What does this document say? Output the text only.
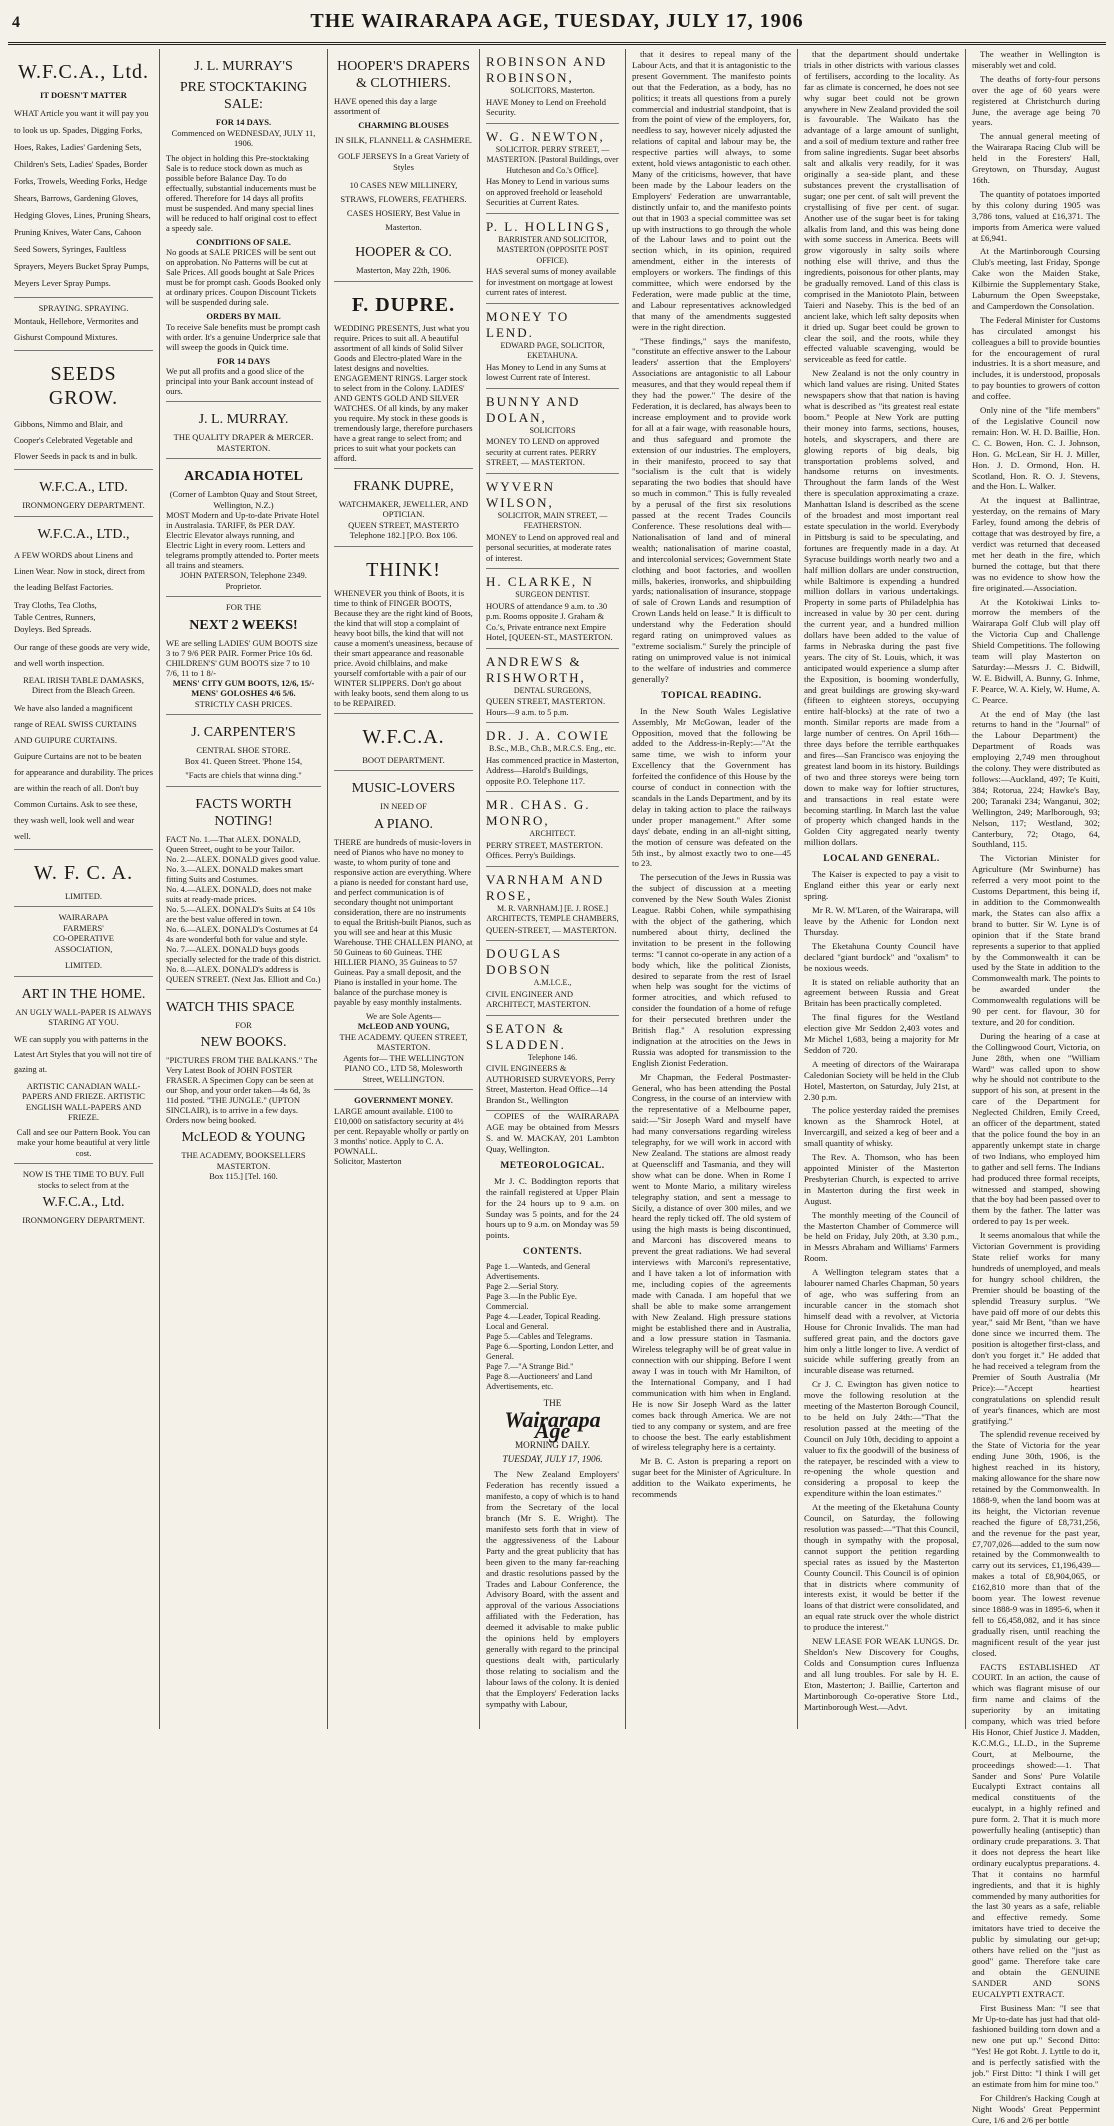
4	THE WAIRARAPA AGE, TUESDAY, JULY 17, 1906
W.F.C.A., Ltd.
IT DOESN'T MATTER
WHAT Article you want it will pay you to look us up. Spades, Digging Forks, Hoes, Rakes, Ladies' Gardening Sets, Children's Sets, Ladies' Spades, Border Forks, Trowels, Weeding Forks, Hedge Shears, Barrows, Gardening Gloves, Hedging Gloves, Lines, Pruning Shears, Pruning Knives, Water Cans, Cahoon Seed Sowers, Syringes, Faultless Sprayers, Meyers Bucket Spray Pumps, Meyers Lever Spray Pumps.
SPRAYING. SPRAYING.
Montauk, Hellebore, Vermorites and Gishurst Compound Mixtures.
SEEDS GROW.
Gibbons, Nimmo and Blair, and Cooper's Celebrated Vegetable and Flower Seeds in pack ts and in bulk.
W.F.C.A., LTD.
IRONMONGERY DEPARTMENT.
W.F.C.A., LTD.,
A FEW WORDS about Linens and Linen Wear. Now in stock, direct from the leading Belfast Factories.
Tray Cloths, Tea Cloths,
Table Centres, Runners,
Doyleys. Bed Spreads.
Our range of these goods are very wide, and well worth inspection.
REAL IRISH TABLE DAMASKS, Direct from the Bleach Green.
We have also landed a magnificent range of REAL SWISS CURTAINS AND GUIPURE CURTAINS.
Guipure Curtains are not to be beaten for appearance and durability. The prices are within the reach of all. Don't buy Common Curtains. Ask to see these, they wash well, look well and wear well.
W. F. C. A.
LIMITED.
WAIRARAPA
FARMERS'
CO-OPERATIVE
ASSOCIATION,
LIMITED.
ART IN THE HOME.
AN UGLY WALL-PAPER IS ALWAYS STARING AT YOU.
WE can supply you with patterns in the Latest Art Styles that you will not tire of gazing at.
ARTISTIC CANADIAN WALL-PAPERS AND FRIEZE. ARTISTIC ENGLISH WALL-PAPERS AND FRIEZE.
Call and see our Pattern Book. You can make your home beautiful at very little cost.
NOW IS THE TIME TO BUY. Full stocks to select from at the
W.F.C.A., Ltd.
IRONMONGERY DEPARTMENT.
J. L. MURRAY'S
PRE STOCKTAKING SALE:
FOR 14 DAYS.
Commenced on WEDNESDAY, JULY 11, 1906.
The object in holding this Pre-stocktaking Sale is to reduce stock down as much as possible before Balance Day. To do effectually, substantial inducements must be offered. Therefore for 14 days all profits must be suspended. And many special lines will be reduced to half original cost to effect a speedy sale.
CONDITIONS OF SALE.
No goods at SALE PRICES will be sent out on approbation. No Patterns will be cut at Sale Prices. All goods bought at Sale Prices must be for prompt cash. Goods Booked only at ordinary prices. Coupon Discount Tickets will be suspended during sale.
ORDERS BY MAIL
To receive Sale benefits must be prompt cash with order. It's a genuine Underprice sale that will sweep the goods in Quick time.
FOR 14 DAYS
We put all profits and a good slice of the principal into your Bank account instead of ours.
J. L. MURRAY.
THE QUALITY DRAPER & MERCER. MASTERTON.
ARCADIA HOTEL
(Corner of Lambton Quay and Stout Street, Wellington, N.Z.)
MOST Modern and Up-to-date Private Hotel in Australasia. TARIFF, 8s PER DAY. Electric Elevator always running, and Electric Light in every room. Letters and telegrams promptly attended to. Porter meets all trains and steamers.
JOHN PATERSON, Telephone 2349. Proprietor.
FOR THE
NEXT 2 WEEKS!
WE are selling LADIES' GUM BOOTS size 3 to 7 9/6 PER PAIR. Former Price 10s 6d. CHILDREN'S' GUM BOOTS size 7 to 10 7/6, 11 to 1 8/-
MENS' CITY GUM BOOTS, 12/6, 15/-
MENS' GOLOSHES 4/6 5/6.
STRICTLY CASH PRICES.
J. CARPENTER'S
CENTRAL SHOE STORE.
Box 41. Queen Street. 'Phone 154,
"Facts are chiels that winna ding."
FACTS WORTH NOTING!
FACT No. 1.—That ALEX. DONALD, Queen Street, ought to be your Tailor.
No. 2.—ALEX. DONALD gives good value.
No. 3.—ALEX. DONALD makes smart fitting Suits and Costumes.
No. 4.—ALEX. DONALD, does not make suits at ready-made prices.
No. 5.—ALEX. DONALD's Suits at £4 10s are the best value offered in town.
No. 6.—ALEX. DONALD's Costumes at £4 4s are wonderful both for value and style.
No. 7.—ALEX. DONALD buys goods specially selected for the trade of this district.
No. 8.—ALEX. DONALD's address is QUEEN STREET. (Next Jas. Elliott and Co.)
WATCH THIS SPACE
FOR
NEW BOOKS.
"PICTURES FROM THE BALKANS." The Very Latest Book of JOHN FOSTER FRASER. A Specimen Copy can be seen at our Shop, and your order taken—4s 6d, 3s 11d posted. "THE JUNGLE." (UPTON SINCLAIR), is to arrive in a few days. Orders now being booked.
McLEOD & YOUNG
THE ACADEMY, BOOKSELLERS MASTERTON.
Box 115.] [Tel. 160.
HOOPER'S DRAPERS & CLOTHIERS.
HAVE opened this day a large assortment of
CHARMING BLOUSES
IN SILK, FLANNELL & CASHMERE.
GOLF JERSEYS In a Great Variety of Styles
10 CASES NEW MILLINERY, STRAWS, FLOWERS, FEATHERS. CASES HOSIERY, Best Value in Masterton.
HOOPER & CO.
Masterton, May 22th, 1906.
F. DUPRE.
WEDDING PRESENTS, Just what you require. Prices to suit all. A beautiful assortment of all kinds of Solid Silver Goods and Electro-plated Ware in the latest designs and novelties. ENGAGEMENT RINGS. Larger stock to select from in the Colony. LADIES' AND GENTS GOLD AND SILVER WATCHES. Of all kinds, by any maker you require. My stock in these goods is tremendously large, therefore purchasers have a great range to select from; and prices to suit what your pockets can afford.
FRANK DUPRE,
WATCHMAKER, JEWELLER, AND OPTICIAN.
QUEEN STREET, MASTERTO
Telephone 182.] [P.O. Box 106.
THINK!
WHENEVER you think of Boots, it is time to think of FINGER BOOTS, Because they are the right kind of Boots, the kind that will stop a complaint of heavy boot bills, the kind that will not cause a moment's uneasiness, because of their smart appearance and reasonable price. Avoid chilblains, and make yourself comfortable with a pair of our WINTER SLIPPERS. Don't go about with leaky boots, send them along to us to be REPAIRED.
W.F.C.A.
BOOT DEPARTMENT.
MUSIC-LOVERS
IN NEED OF
A PIANO.
THERE are hundreds of music-lovers in need of Pianos who have no money to waste, to whom purity of tone and responsive action are everything. Where a piano is needed for constant hard use, and perfect communication is of secondary thought not unimportant consideration, there are no instruments to equal the British-built Pianos, such as you will see and hear at this Music Warehouse. THE CHALLEN PIANO, at 50 Guineas to 60 Guineas. THE HILLIER PIANO, 35 Guineas to 57 Guineas. Pay a small deposit, and the Piano is installed in your home. The balance of the purchase money is payable by easy monthly instalments.
We are Sole Agents—
McLEOD AND YOUNG,
THE ACADEMY. QUEEN STREET, MASTERTON.
Agents for— THE WELLINGTON PIANO CO., LTD 58, Molesworth Street, WELLINGTON.
GOVERNMENT MONEY.
LARGE amount available. £100 to £10,000 on satisfactory security at 4½ per cent. Repayable wholly or partly on 3 months' notice. Apply to C. A. POWNALL.
Solicitor, Masterton
ROBINSON AND ROBINSON,
SOLICITORS, Masterton.
HAVE Money to Lend on Freehold Security.
W. G. NEWTON,
SOLICITOR. PERRY STREET, — MASTERTON. [Pastoral Buildings, over Hutcheson and Co.'s Office].
Has Money to Lend in various sums on approved freehold or leasehold Securities at Current Rates.
P. L. HOLLINGS,
BARRISTER AND SOLICITOR, MASTERTON (OPPOSITE POST OFFICE).
HAS several sums of money available for investment on mortgage at lowest current rates of interest.
MONEY TO LEND.
EDWARD PAGE, SOLICITOR, EKETAHUNA.
Has Money to Lend in any Sums at lowest Current rate of Interest.
BUNNY AND DOLAN,
SOLICITORS
MONEY TO LEND on approved security at current rates. PERRY STREET, — MASTERTON.
WYVERN WILSON,
SOLICITOR, MAIN STREET, — FEATHERSTON.
MONEY to Lend on approved real and personal securities, at moderate rates of interest.
H. CLARKE, N
SURGEON DENTIST.
HOURS of attendance 9 a.m. to .30 p.m. Rooms opposite J. Graham & Co.'s, Private entrance next Empire Hotel, [QUEEN-ST., MASTERTON.
ANDREWS & RISHWORTH,
DENTAL SURGEONS,
QUEEN STREET, MASTERTON. Hours—9 a.m. to 5 p.m.
DR. J. A. COWIE
B.Sc., M.B., Ch.B., M.R.C.S. Eng., etc.
Has commenced practice in Masterton, Address—Harold's Buildings, opposite P.O. Telephone 117.
MR. CHAS. G. MONRO,
ARCHITECT.
PERRY STREET, MASTERTON. Offices. Perry's Buildings.
VARNHAM AND ROSE,
M. R. VARNHAM.] [E. J. ROSE.] ARCHITECTS, TEMPLE CHAMBERS,
QUEEN-STREET, — MASTERTON.
DOUGLAS DOBSON
A.M.I.C.E.,
CIVIL ENGINEER AND ARCHITECT, MASTERTON.
SEATON & SLADDEN.
Telephone 146.
CIVIL ENGINEERS & AUTHORISED SURVEYORS, Perry Street, Masterton. Head Office—14 Brandon St., Wellington

COPIES of the WAIRARAPA AGE may be obtained from Messrs S. and W. MACKAY, 201 Lambton Quay, Wellington.

METEOROLOGICAL.

Mr J. C. Boddington reports that the rainfall registered at Upper Plain for the 24 hours up to 9 a.m. on Sunday was 5 points, and for the 24 hours up to 9 a.m. on Monday was 59 points.

CONTENTS.
Page 1.—Wanteds, and General Advertisements.
Page 2.—Serial Story.
Page 3.—In the Public Eye. Commercial.
Page 4.—Leader, Topical Reading. Local and General.
Page 5.—Cables and Telegrams.
Page 6.—Sporting, London Letter, and General.
Page 7.—"A Strange Bid."
Page 8.—Auctioneers' and Land Advertisements, etc.
THE
Wairarapa Age
MORNING DAILY.
TUESDAY, JULY 17, 1906.

The New Zealand Employers' Federation has recently issued a manifesto, a copy of which is to hand from the Secretary of the local branch (Mr S. E. Wright). The manifesto sets forth that in view of the aggressiveness of the Labour Party and the great publicity that has been given to the many far-reaching and drastic resolutions passed by the Trades and Labour Conference, the Advisory Board, with the assent and approval of the various Associations affiliated with the Federation, has deemed it advisable to make public the opinions held by employers generally with regard to the principal questions dealt with, particularly those relating to socialism and the labour laws of the colony. It is denied that the Employers' Federation lacks sympathy with Labour,

that it desires to repeal many of the Labour Acts, and that it is antagonistic to the present Government. The manifesto points out that the Federation, as a body, has no politics; it treats all questions from a purely commercial and industrial standpoint, that is from the point of view of the employers, for, needless to say, however nicely adjusted the relations of capital and labour may be, the respective parties will always, to some extent, hold views antagonistic to each other. Many of the criticisms, however, that have been made by the Labour leaders on the Employers' Federation are unwarrantable, distinctly unfair to, and the manifesto points out that in 1903 a special committee was set up with instructions to go through the whole of the Labour laws and to point out the section which, in its opinion, required amendment, either in the interests of employers or workers. The findings of this committee, which were endorsed by the Federation, were made public at the time, and Labour representatives acknowledged that many of the amendments suggested were in the right direction.

"These findings," says the manifesto, "constitute an effective answer to the Labour leaders' assertion that the Employers' Associations are antagonistic to all Labour measures, and that they would repeal them if they had the power." The desire of the Federation, it is declared, has always been to increase employment and to provide work for all at a fair wage, with reasonable hours, and thus safeguard and promote the extension of our industries. The employers, in their manifesto, proceed to say that "socialism is the cult that is widely separating the two bodies that should have so much in common." This is fully revealed by a perusal of the first six resolutions passed at the recent Trades Councils Conference. These resolutions deal with—Nationalisation of land and of mineral wealth; nationalisation of marine coastal, and intercolonial services; Government State clothing and boot factories, and woollen mills, bakeries, ironworks, and shipbuilding yards; nationalisation of insurance, stoppage of sale of Crown Lands and resumption of Crown Lands held on lease." It is difficult to understand why the Federation should regard rating on unimproved values as "extreme socialism." Surely the principle of rating on unimproved value is not inimical to the welfare of industries and commerce generally?

TOPICAL READING.

In the New South Wales Legislative Assembly, Mr McGowan, leader of the Opposition, moved that the following be added to the Address-in-Reply:—"At the same time, we wish to inform your Excellency that the Government has forfeited the confidence of this House by the course of conduct in connection with the scandals in the Lands Department, and by its delay in taking action to place the railways under proper management." After some days' debate, ending in an all-night sitting, the motion of censure was defeated on the 5th inst., by almost exactly two to one—45 to 23.

The persecution of the Jews in Russia was the subject of discussion at a meeting convened by the New South Wales Zionist League. Rabbi Cohen, while sympathising with the object of the gathering, which numbered about thirty, declined the invitation to be present in the following terms: "I cannot co-operate in any action of a body which, like the political Zionists, desired to separate from the rest of Israel when help was sought for the victims of former atrocities, and which refused to consider the foundation of a home of refuge for their persecuted brethren under the British flag." A resolution expressing indignation at the atrocities on the Jews in Russia was adopted for transmission to the English Zionist Federation.

Mr Chapman, the Federal Postmaster-General, who has been attending the Postal Congress, in the course of an interview with the representative of a Melbourne paper, said:—"Sir Joseph Ward and myself have had many conversations regarding wireless telegraphy, for we will work in accord with New Zealand. The stations are almost ready at Queenscliff and Tasmania, and they will show what can be done. When in Rome I went to Monte Mario, a military wireless telegraphy station, and sent a message to Sicily, a distance of over 300 miles, and we heard the reply ticked off. The old system of using the high masts is being discontinued, and Marconi has discovered means to prevent the great radiations. We had several interviews with Marconi's representative, and I have taken a lot of information with me, including copies of the agreements made with Canada. I am hopeful that we shall be able to make some arrangement with New Zealand. High pressure stations might be established there and in Australia, and a low pressure station in Tasmania. Wireless telegraphy will be of great value in connection with our shipping. Before I went away I was in touch with Mr Hamilton, of the International Company, and I had communication with him when in England. He is now Sir Joseph Ward as the latter comes back through America. We are not tied to any company or system, and are free to choose the best. The early establishment of wireless telegraphy here is a certainty.

Mr B. C. Aston is preparing a report on sugar beet for the Minister of Agriculture. In addition to the Waikato experiments, he recommends

that the department should undertake trials in other districts with various classes of fertilisers, according to the locality. As far as climate is concerned, he does not see why sugar beet could not be grown anywhere in New Zealand provided the soil is favourable. The Waikato has the advantage of a large amount of sunlight, and a soil of medium texture and rather free from saline ingredients. Sugar beet absorbs salt and alkalis very readily, for it was originally a sea-side plant, and these substances prevent the crystallisation of sugar; one per cent. of salt will prevent the crystallising of five per cent. of sugar. Another use of the sugar beet is for taking alkalis from land, and this was being done with some success in America. Beets will grow vigorously in salty soils where nothing else will thrive, and thus the ingredients, poisonous for other plants, may be gradually removed. Land of this class is comprised in the Maniototo Plain, between Taieri and Naseby. This is the bed of an ancient lake, which left salty deposits when it dried up. Sugar beet could be grown to clear the soil, and the roots, while they effected valuable scavenging, would be serviceable as feed for cattle.

New Zealand is not the only country in which land values are rising. United States newspapers show that that nation is having what is described as "its greatest real estate boom." People at New York are putting their money into farms, sections, houses, hotels, and skyscrapers, and there are glowing reports of big deals, big transportation problems solved, and handsome returns on investments. Throughout the farm lands of the West there is speculation approximating a craze. Manhattan Island is described as the scene of the broadest and most important real estate speculation in the world. Everybody in Pittsburg is said to be speculating, and fortunes are frequently made in a day. At Syracuse buildings worth nearly two and a half million dollars are under construction, while Baltimore is expending a hundred million dollars in various undertakings. Property in some parts of Philadelphia has increased in value by 30 per cent. during the current year, and a hundred million dollars have been added to the value of farms in Nebraska during the past five years. The city of St. Louis, which, it was anticipated would experience a slump after the Exposition, is booming wonderfully, and great buildings are growing sky-ward (fifteen to eighteen storeys, occupying entire half-blocks) at the rate of two a month. Similar reports are made from a large number of centres. On April 16th—three days before the terrible earthquakes and fires—San Francisco was enjoying the greatest land boom in its history. Buildings of two and three storeys were being torn down to make way for loftier structures, and transactions in real estate were becoming startling. In March last the value of property which changed hands in the Golden City aggregated nearly twenty million dollars.

LOCAL AND GENERAL.

The Kaiser is expected to pay a visit to England either this year or early next spring.

Mr R. W. M'Laren, of the Wairarapa, will leave by the Athenic for London next Thursday.

The Eketahuna County Council have declared "giant burdock" and "oxalism" to be noxious weeds.

It is stated on reliable authority that an agreement between Russia and Great Britain has been practically completed.

The final figures for the Westland election give Mr Seddon 2,403 votes and Mr Michel 1,683, being a majority for Mr Seddon of 720.

A meeting of directors of the Wairarapa Caledonian Society will be held in the Club Hotel, Masterton, on Saturday, July 21st, at 2.30 p.m.

The police yesterday raided the premises known as the Shamrock Hotel, at Invercargill, and seized a keg of beer and a small quantity of whisky.

The Rev. A. Thomson, who has been appointed Minister of the Masterton Presbyterian Church, is expected to arrive in Masterton during the first week in August.

The monthly meeting of the Council of the Masterton Chamber of Commerce will be held on Friday, July 20th, at 3.30 p.m., in Messrs Abraham and Williams' Farmers Room.

A Wellington telegram states that a labourer named Charles Chapman, 50 years of age, who was suffering from an incurable cancer in the stomach shot himself dead with a revolver, at Victoria House for Chronic Invalids. The man had suffered great pain, and the doctors gave him only a little longer to live. A verdict of suicide while suffering greatly from an incurable disease was returned.

Cr J. C. Ewington has given notice to move the following resolution at the meeting of the Masterton Borough Council, to be held on July 24th:—"That the resolution passed at the meeting of the Council on July 10th, deciding to appoint a valuer to fix the goodwill of the business of the ratepayer, be rescinded with a view to re-opening the whole question and considering a proposal to keep the expenditure within the loan estimates."

At the meeting of the Eketahuna County Council, on Saturday, the following resolution was passed:—"That this Council, though in sympathy with the proposal, cannot support the petition regarding special rates as issued by the Masterton County Council. This Council is of opinion that in districts where community of interests exist, it would be better if the loans of that district were consolidated, and an equal rate struck over the whole district to produce the interest."

NEW LEASE FOR WEAK LUNGS. Dr. Sheldon's New Discovery for Coughs, Colds and Consumption cures Influenza and all lung troubles. For sale by H. E. Eton, Masterton; J. Baillie, Carterton and Martinborough Co-operative Store Ltd., Martinborough West.—Advt.

The weather in Wellington is miserably wet and cold.

The deaths of forty-four persons over the age of 60 years were registered at Christchurch during June, the average age being 70 years.

The annual general meeting of the Wairarapa Racing Club will be held in the Foresters' Hall, Greytown, on Thursday, August 16th.

The quantity of potatoes imported by this colony during 1905 was 3,786 tons, valued at £16,371. The imports from America were valued at £6,941.

At the Martinborough Coursing Club's meeting, last Friday, Sponge Cake won the Maiden Stake, Kilbirnie the Supplementary Stake, Laburnum the Open Sweepstake, and Camperdown the Consolation.

The Federal Minister for Customs has circulated amongst his colleagues a bill to provide bounties for the encouragement of rural industries. It is a short measure, and includes, it is understood, proposals to pay bounties to growers of cotton and coffee.

Only nine of the "life members" of the Legislative Council now remain: Hon. W. H. D. Baillie, Hon. C. C. Bowen, Hon. C. J. Johnson, Hon. G. McLean, Sir H. J. Miller, Hon. J. D. Ormond, Hon. H. Scotland, Hon. R. O. J. Stevens, and the Hon. L. Walker.

At the inquest at Ballintrae, yesterday, on the remains of Mary Farley, found among the debris of cottage that was destroyed by fire, a verdict was returned that deceased met her death in the fire, which burned the cottage, but that there was no evidence to show how the fire originated.—Association.

At the Kotokiwai Links to-morrow the members of the Wairarapa Golf Club will play off the Victoria Cup and Challenge Shield Competitions. The following team will play Masterton on Saturday:—Messrs J. C. Bidwill, W. E. Bidwill, A. Bunny, G. Inhme, F. Pearce, W. A. Kiely, W. Hume, A. C. Pearce.

At the end of May (the last returns to hand in the "Journal" of the Labour Department) the Department of Roads was employing 2,749 men throughout the colony. They were distributed as follows:—Auckland, 497; Te Kuiti, 384; Rotorua, 224; Hawke's Bay, 200; Taranaki 234; Wanganui, 302; Wellington, 249; Marlborough, 93; Nelson, 117; Westland, 302; Canterbury, 72; Otago, 64, Southland, 115.

The Victorian Minister for Agriculture (Mr Swinburne) has referred a very moot point to the Customs Department, this being if, in addition to the Commonwealth mark, the States can also affix a brand to butter. Sir W. Lyne is of opinion that if the State brand represents a superior to that applied by the Commonwealth it can be used by the State in addition to the Commonwealth mark. The points to be awarded under the Commonwealth regulations will be 90 per cent. for flavour, 30 for texture, and 20 for condition.

During the hearing of a case at the Collingwood Court, Victoria, on June 28th, when one "William Ward" was called upon to show why he should not contribute to the support of his son, at present in the care of the Department for Neglected Children, Emily Creed, an officer of the department, stated that the police found the boy in an apparently unkempt state in charge of two Indians, who employed him to gather and sell ferns. The Indians had produced three formal receipts, witnessed and stamped, showing that the boy had been passed over to them by the father. The latter was ordered to pay 1s per week.

It seems anomalous that while the Victorian Government is providing State relief works for many hundreds of unemployed, and meals for hungry school children, the Premier should be boasting of the splendid Treasury surplus. "We have paid off more of our debts this year," said Mr Bent, "than we have done since we incurred them. The position is altogether first-class, and don't you forget it." He added that he had received a telegram from the Premier of South Australia (Mr Price):—"Accept heartiest congratulations on splendid result of year's finances, which are most gratifying."

The splendid revenue received by the State of Victoria for the year ending June 30th, 1906, is the highest reached in its history, making allowance for the share now retained by the Commonwealth. In 1888-9, when the land boom was at its height, the Victorian revenue reached the figure of £8,731,256, and the revenue for the past year, £7,707,026—added to the sum now retained by the Commonwealth to carry out its services, £1,196,439—makes a total of £8,904,065, or £162,810 more than that of the boom year. The lowest revenue since 1888-9 was in 1895-6, when it fell to £6,458,082, and it has since gradually risen, until reaching the magnificent result of the year just closed.

FACTS ESTABLISHED AT COURT. In an action, the cause of which was flagrant misuse of our firm name and claims of the superiority by an imitating company, which was tried before His Honor, Chief Justice J. Madden, K.C.M.G., LL.D., in the Supreme Court, at Melbourne, the proceedings showed:—1. That Sander and Sons' Pure Volatile Eucalypti Extract contains all medical constituents of the eucalypt, in a highly refined and pure form. 2. That it is much more powerfully healing (antiseptic) than ordinary crude preparations. 3. That it does not depress the heart like ordinary eucalyptus preparations. 4. That it contains no harmful ingredients, and that it is highly commended by many authorities for the last 30 years as a safe, reliable and effective remedy. Some imitators have tried to deceive the public by simulating our get-up; others have relied on the "just as good" game. Therefore take care and obtain the GENUINE SANDER AND SONS EUCALYPTI EXTRACT.

First Business Man: "I see that Mr Up-to-date has just had that old-fashioned building torn down and a new one put up." Second Ditto: "Yes! He got Robt. J. Lyttle to do it, and is perfectly satisfied with the job." First Ditto: "I think I will get an estimate from him for mine too."

For Children's Hacking Cough at Night Woods' Great Peppermint Cure, 1/6 and 2/6 per bottle
